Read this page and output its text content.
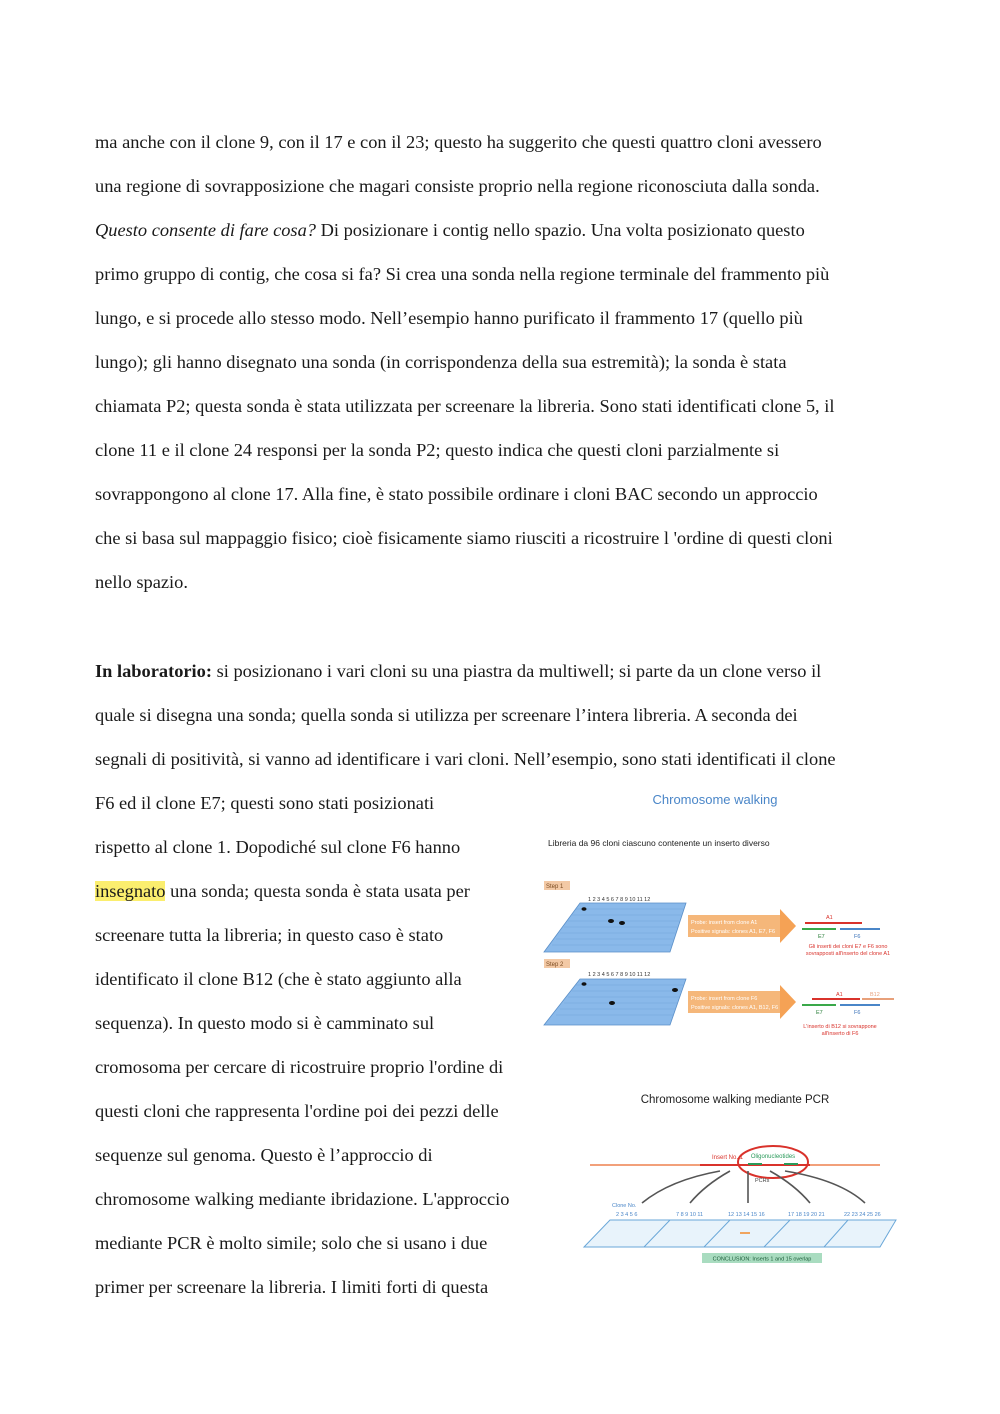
ma anche con il clone 9, con il 17 e con il 23; questo ha suggerito che questi quattro cloni avessero
una regione di sovrapposizione che magari consiste proprio nella regione riconosciuta dalla sonda.
Questo consente di fare cosa? Di posizionare i contig nello spazio. Una volta posizionato questo
primo gruppo di contig, che cosa si fa? Si crea una sonda nella regione terminale del frammento più
lungo, e si procede allo stesso modo. Nell’esempio hanno purificato il frammento 17 (quello più
lungo); gli hanno disegnato una sonda (in corrispondenza della sua estremità); la sonda è stata
chiamata P2; questa sonda è stata utilizzata per screenare la libreria. Sono stati identificati clone 5, il
clone 11 e il clone 24 responsi per la sonda P2; questo indica che questi cloni parzialmente si
sovrappongono al clone 17. Alla fine, è stato possibile ordinare i cloni BAC secondo un approccio
che si basa sul mappaggio fisico; cioè fisicamente siamo riusciti a ricostruire l 'ordine di questi cloni
nello spazio.
In laboratorio: si posizionano i vari cloni su una piastra da multiwell; si parte da un clone verso il
quale si disegna una sonda; quella sonda si utilizza per screenare l’intera libreria. A seconda dei
segnali di positività, si vanno ad identificare i vari cloni. Nell’esempio, sono stati identificati il clone
F6 ed il clone E7; questi sono stati posizionati
rispetto al clone 1. Dopodiché sul clone F6 hanno
insegnato una sonda; questa sonda è stata usata per
screenare tutta la libreria; in questo caso è stato
identificato il clone B12 (che è stato aggiunto alla
sequenza). In questo modo si è camminato sul
cromosoma per cercare di ricostruire proprio l'ordine di
questi cloni che rappresenta l'ordine poi dei pezzi delle
sequenze sul genoma. Questo è l’approccio di
chromosome walking mediante ibridazione. L'approccio
mediante PCR è molto simile; solo che si usano i due
primer per screenare la libreria. I limiti forti di questa
Chromosome walking
Libreria da 96 cloni ciascuno contenente un inserto diverso
Step 1
1 2 3 4 5 6 7 8 9 10 11 12
Probe: insert from clone A1
Positive signals: clones A1, E7, F6
A1
E7	F6
Gli inserti dei cloni E7 e F6 sono
sovrapposti all'inserto del clone A1
Step 2
1 2 3 4 5 6 7 8 9 10 11 12
Probe: insert from clone F6
Positive signals: clones A1, B12, F6
A1	B12
E7	F6
L'inserto di B12 si sovrappone
all'inserto di F6
Chromosome walking mediante PCR
Insert No. 1 Oligonucleotides
PCRs
Clone No.
2 3 4 5 6	7 8 9 10 11	12 13 14 15 16	17 18 19 20 21	22 23 24 25 26
CONCLUSION: Inserts 1 and 15 overlap
